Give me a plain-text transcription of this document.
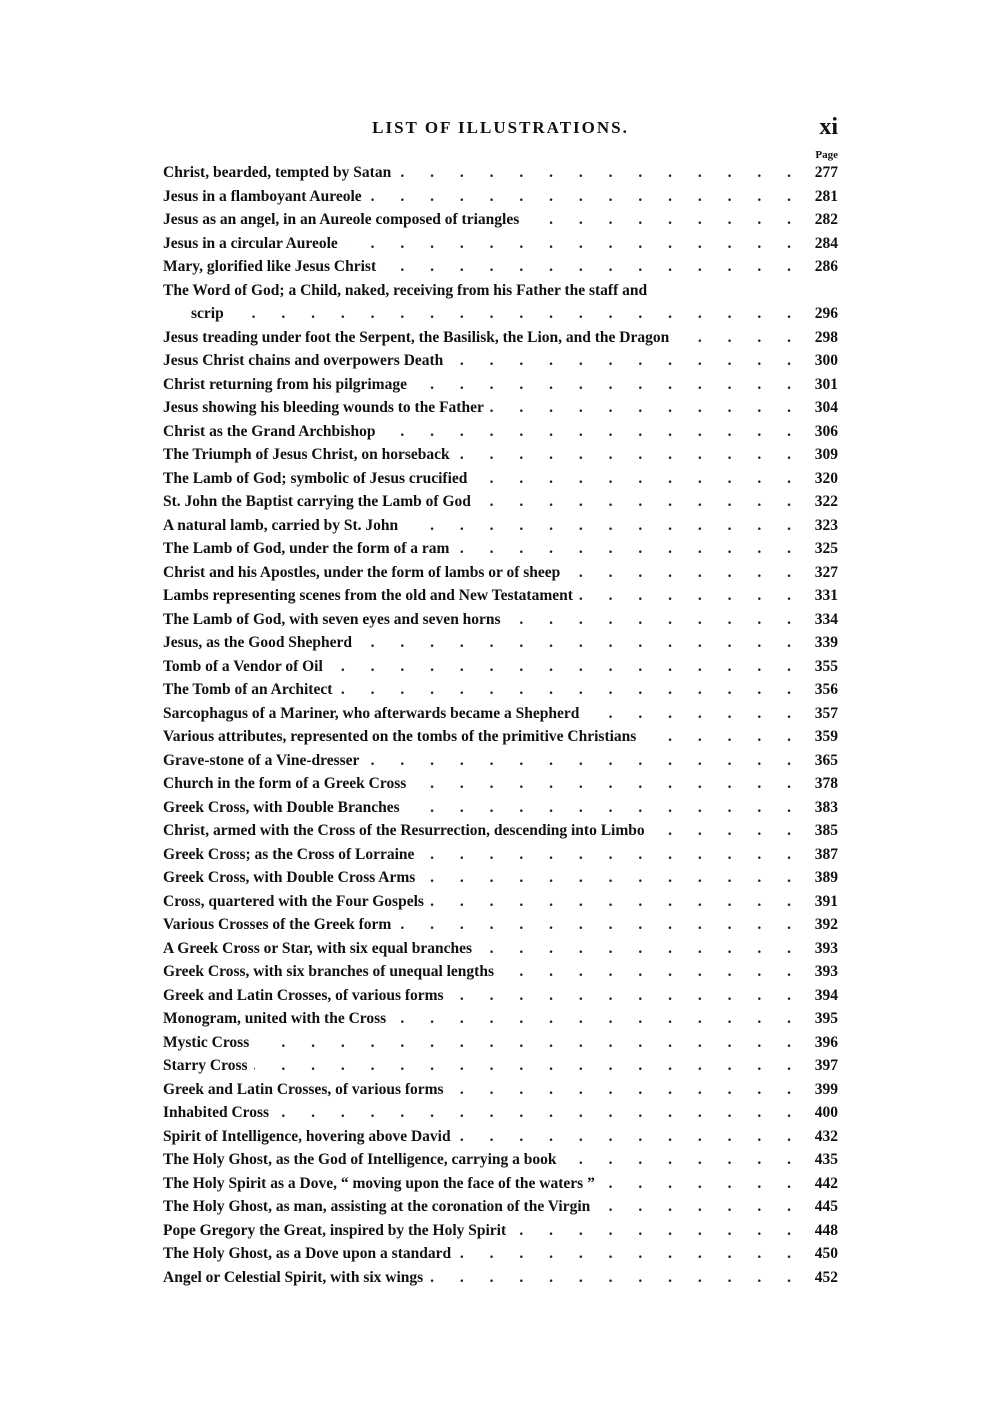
LIST OF ILLUSTRATIONS.	xi
Page
Christ, bearded, tempted by Satan . . .	277
Jesus in a flamboyant Aureole . . .	281
Jesus as an angel, in an Aureole composed of triangles . . .	282
Jesus in a circular Aureole . . .	284
Mary, glorified like Jesus Christ . . .	286
The Word of God; a Child, naked, receiving from his Father the staff and
scrip . . .	296
Jesus treading under foot the Serpent, the Basilisk, the Lion, and the Dragon . . .	298
Jesus Christ chains and overpowers Death . . .	300
Christ returning from his pilgrimage . . .	301
Jesus showing his bleeding wounds to the Father . . .	304
Christ as the Grand Archbishop . . .	306
The Triumph of Jesus Christ, on horseback . . .	309
The Lamb of God; symbolic of Jesus crucified . . .	320
St. John the Baptist carrying the Lamb of God . . .	322
A natural lamb, carried by St. John . . .	323
The Lamb of God, under the form of a ram . . .	325
Christ and his Apostles, under the form of lambs or of sheep . . .	327
Lambs representing scenes from the old and New Testatament . . .	331
The Lamb of God, with seven eyes and seven horns . . .	334
Jesus, as the Good Shepherd . . .	339
Tomb of a Vendor of Oil . . .	355
The Tomb of an Architect . . .	356
Sarcophagus of a Mariner, who afterwards became a Shepherd . . .	357
Various attributes, represented on the tombs of the primitive Christians . . .	359
Grave-stone of a Vine-dresser . . .	365
Church in the form of a Greek Cross . . .	378
Greek Cross, with Double Branches . . .	383
Christ, armed with the Cross of the Resurrection, descending into Limbo . . .	385
Greek Cross; as the Cross of Lorraine . . .	387
Greek Cross, with Double Cross Arms . . .	389
Cross, quartered with the Four Gospels . . .	391
Various Crosses of the Greek form . . .	392
A Greek Cross or Star, with six equal branches . . .	393
Greek Cross, with six branches of unequal lengths . . .	393
Greek and Latin Crosses, of various forms . . .	394
Monogram, united with the Cross . . .	395
Mystic Cross . . .	396
Starry Cross . . .	397
Greek and Latin Crosses, of various forms . . .	399
Inhabited Cross . . .	400
Spirit of Intelligence, hovering above David . . .	432
The Holy Ghost, as the God of Intelligence, carrying a book . . .	435
The Holy Spirit as a Dove, “ moving upon the face of the waters ” . . .	442
The Holy Ghost, as man, assisting at the coronation of the Virgin . . .	445
Pope Gregory the Great, inspired by the Holy Spirit . . .	448
The Holy Ghost, as a Dove upon a standard . . .	450
Angel or Celestial Spirit, with six wings . . .	452
